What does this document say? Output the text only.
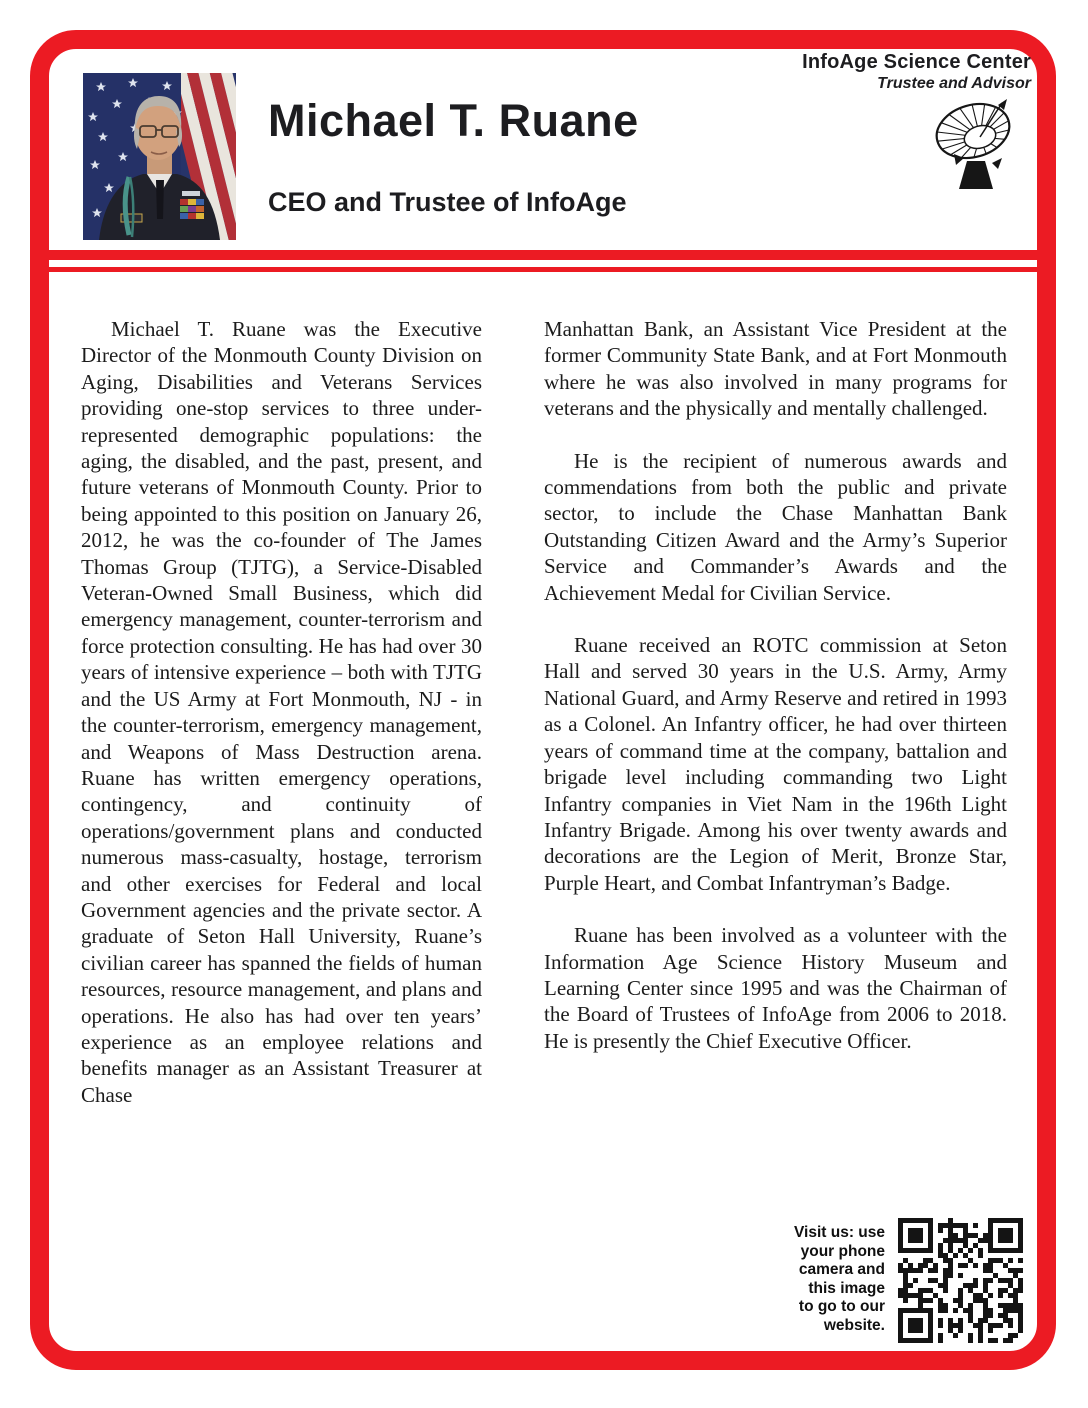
Michael T. Ruane
CEO and Trustee of InfoAge
InfoAge Science Center
Trustee and Advisor

Michael T. Ruane was the Executive Director of the Monmouth County Division on Aging, Disabilities and Veterans Services providing one-stop services to three under-represented demographic populations: the aging, the disabled, and the past, present, and future veterans of Monmouth County. Prior to being appointed to this position on January 26, 2012, he was the co-founder of The James Thomas Group (TJTG), a Service-Disabled Veteran-Owned Small Business, which did emergency management, counter-terrorism and force protection consulting. He has had over 30 years of intensive experience – both with TJTG and the US Army at Fort Monmouth, NJ - in the counter-terrorism, emergency management, and Weapons of Mass Destruction arena. Ruane has written emergency operations, contingency, and continuity of operations/government plans and conducted numerous mass-casualty, hostage, terrorism and other exercises for Federal and local Government agencies and the private sector. A graduate of Seton Hall University, Ruane’s civilian career has spanned the fields of human resources, resource management, and plans and operations. He also has had over ten years’ experience as an employee relations and benefits manager as an Assistant Treasurer at Chase

Manhattan Bank, an Assistant Vice President at the former Community State Bank, and at Fort Monmouth where he was also involved in many programs for veterans and the physically and mentally challenged.

He is the recipient of numerous awards and commendations from both the public and private sector, to include the Chase Manhattan Bank Outstanding Citizen Award and the Army’s Superior Service and Commander’s Awards and the Achievement Medal for Civilian Service.

Ruane received an ROTC commission at Seton Hall and served 30 years in the U.S. Army, Army National Guard, and Army Reserve and retired in 1993 as a Colonel. An Infantry officer, he had over thirteen years of command time at the company, battalion and brigade level including commanding two Light Infantry companies in Viet Nam in the 196th Light Infantry Brigade. Among his over twenty awards and decorations are the Legion of Merit, Bronze Star, Purple Heart, and Combat Infantryman’s Badge.

Ruane has been involved as a volunteer with the Information Age Science History Museum and Learning Center since 1995 and was the Chairman of the Board of Trustees of InfoAge from 2006 to 2018. He is presently the Chief Executive Officer.

Visit us: use
your phone
camera and
this image
to go to our
website.
